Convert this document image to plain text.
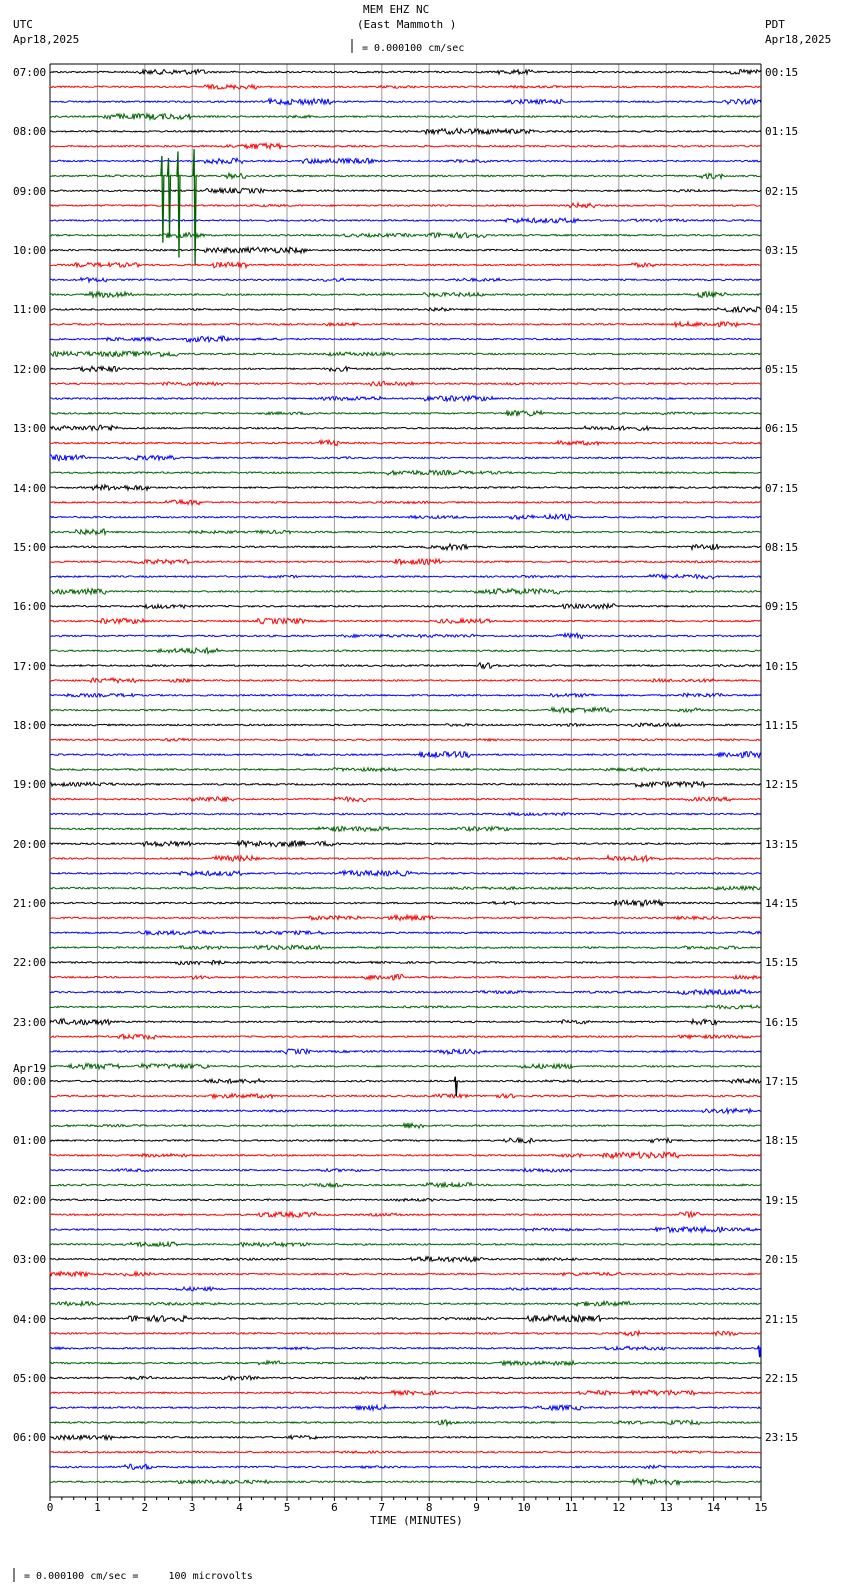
MEM EHZ NC
(East Mammoth )
UTC
Apr18,2025
PDT
Apr18,2025
= 0.000100 cm/sec
TIME (MINUTES)
= 0.000100 cm/sec =     100 microvolts
0	1	2	3	4	5	6	7	8	9	10	11	12	13	14	15
07:00	00:15
08:00	01:15
09:00	02:15
10:00	03:15
11:00	04:15
12:00	05:15
13:00	06:15
14:00	07:15
15:00	08:15
16:00	09:15
17:00	10:15
18:00	11:15
19:00	12:15
20:00	13:15
21:00	14:15
22:00	15:15
23:00	16:15
00:00	17:15
Apr19
01:00	18:15
02:00	19:15
03:00	20:15
04:00	21:15
05:00	22:15
06:00	23:15
